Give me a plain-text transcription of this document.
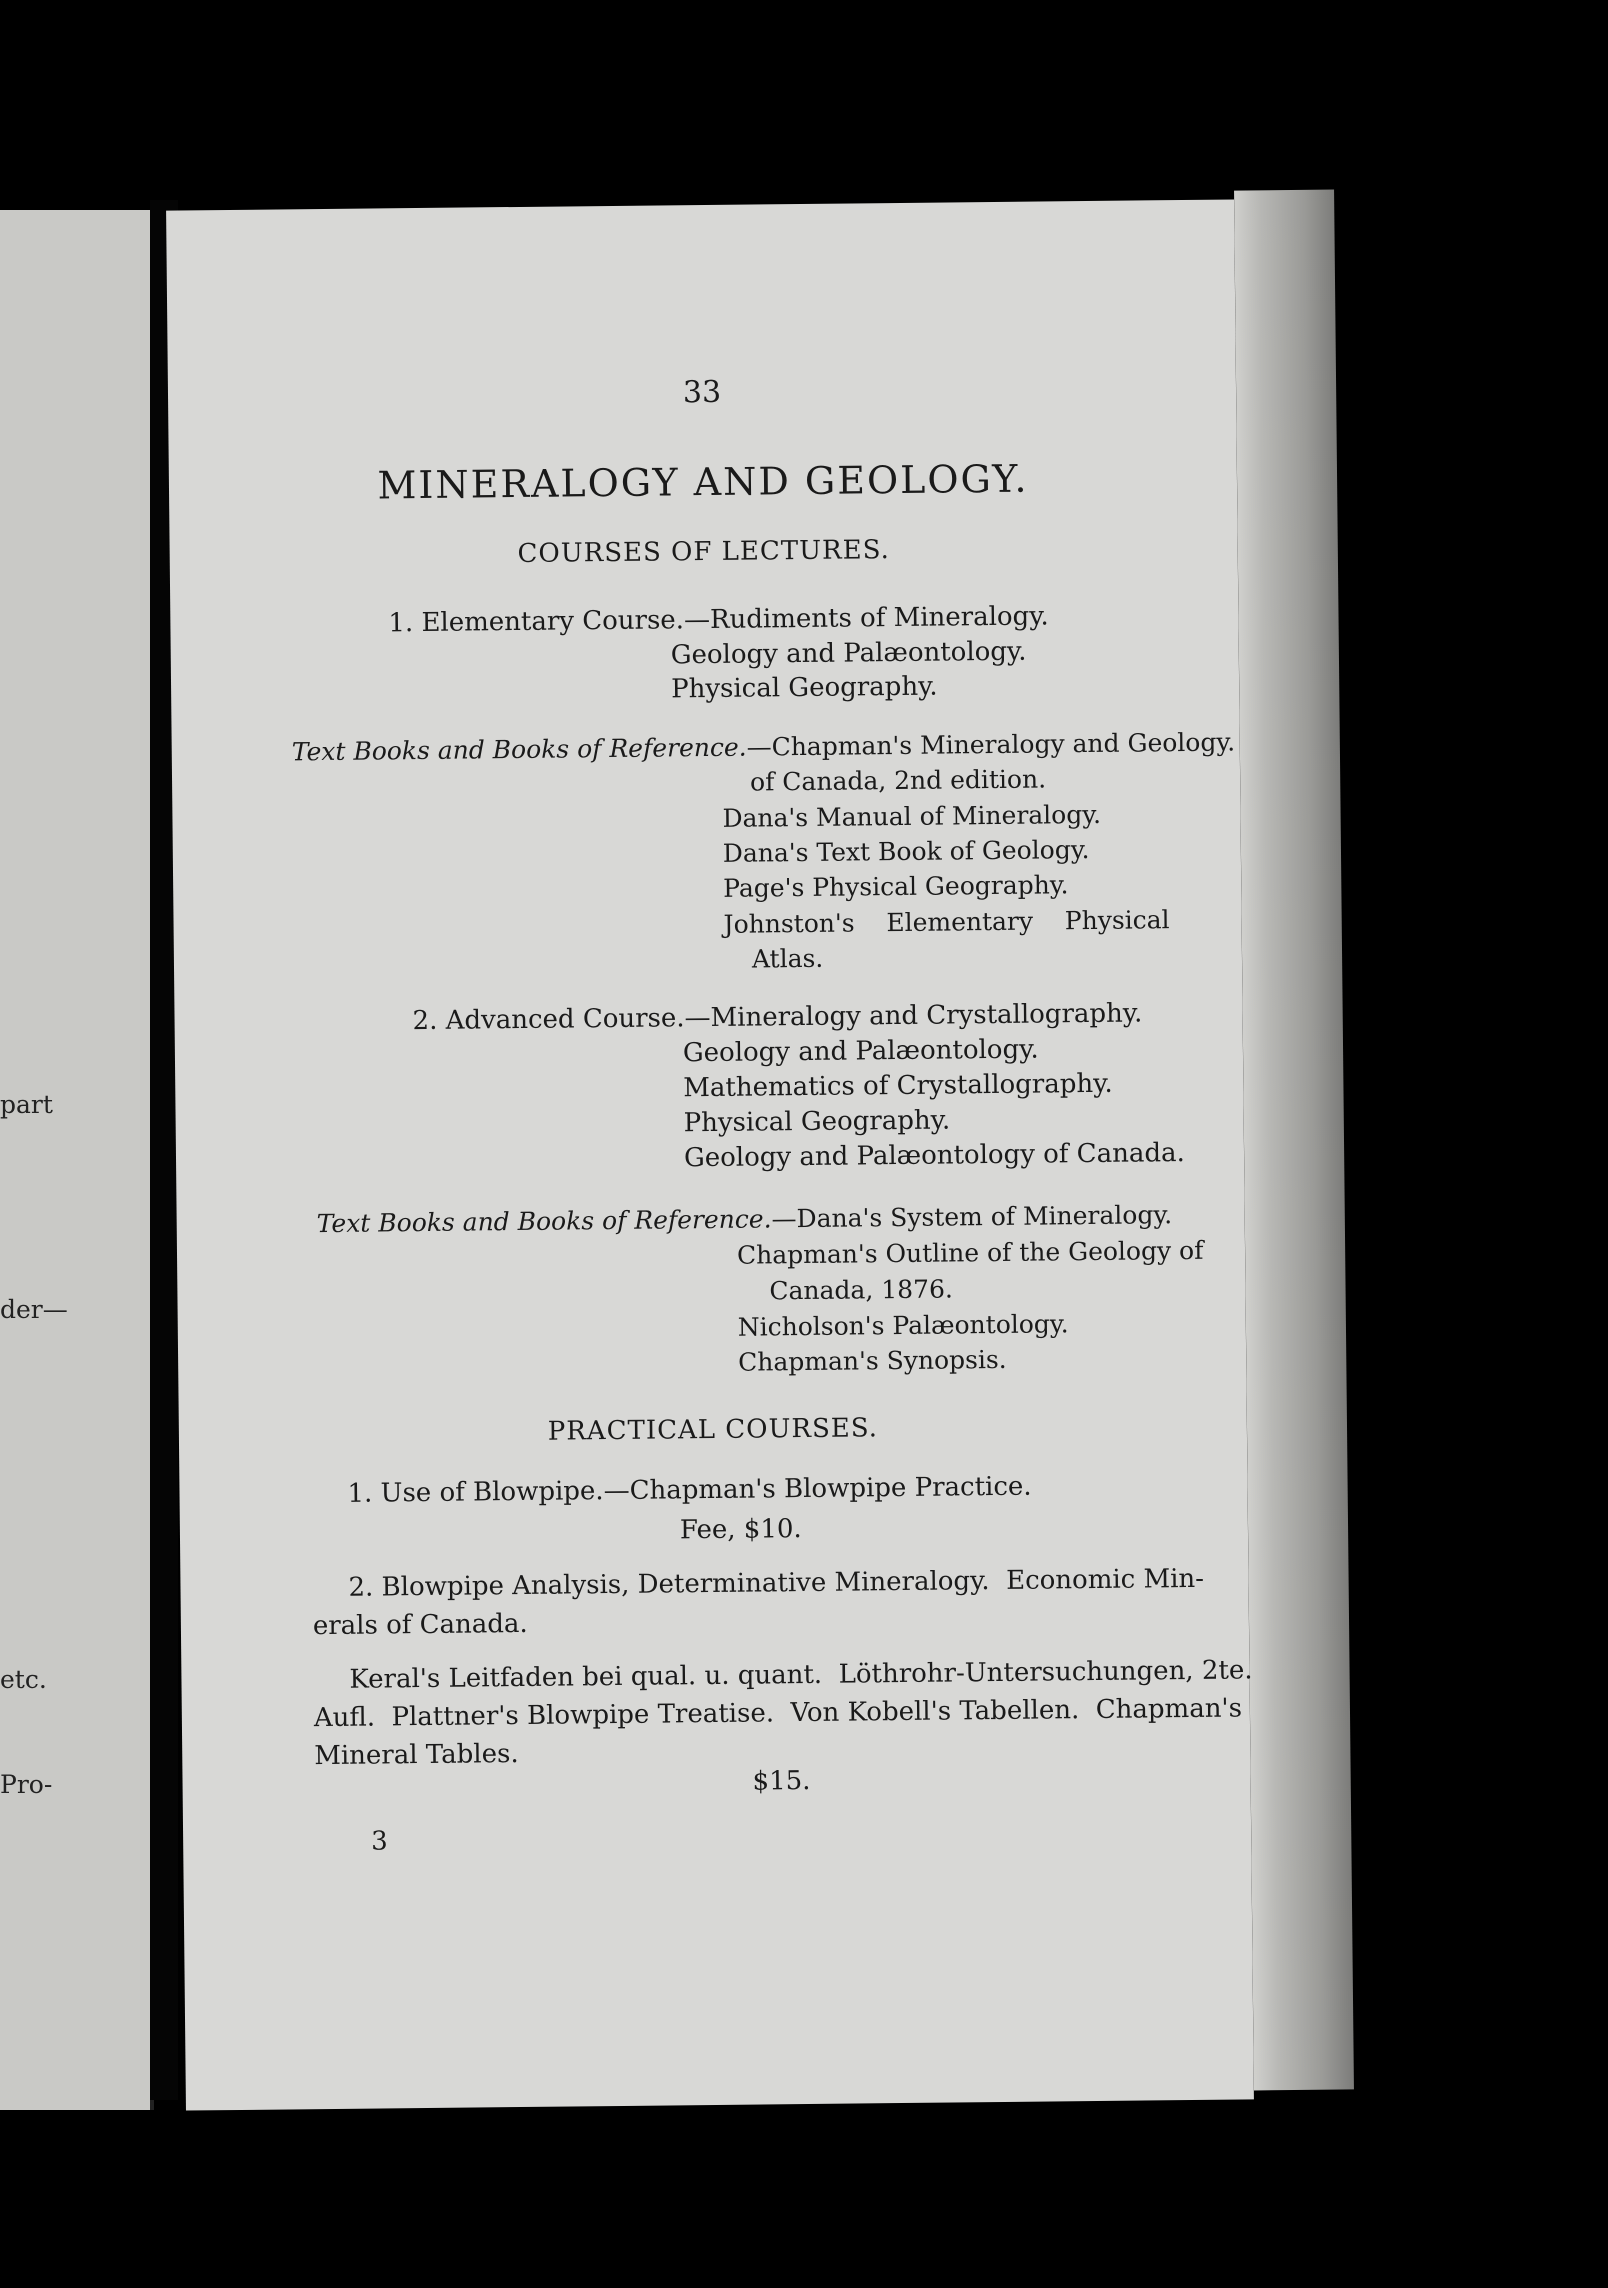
part
der—
etc.
Pro-
33
MINERALOGY AND GEOLOGY.
COURSES OF LECTURES.
1. Elementary Course.—Rudiments of Mineralogy.
Geology and Palæontology.
Physical Geography.
Text Books and Books of Reference.—Chapman's Mineralogy and Geology.
of Canada, 2nd edition.
Dana's Manual of Mineralogy.
Dana's Text Book of Geology.
Page's Physical Geography.
Johnston's    Elementary    Physical
Atlas.
2. Advanced Course.—Mineralogy and Crystallography.
Geology and Palæontology.
Mathematics of Crystallography.
Physical Geography.
Geology and Palæontology of Canada.
Text Books and Books of Reference.—Dana's System of Mineralogy.
Chapman's Outline of the Geology of
Canada, 1876.
Nicholson's Palæontology.
Chapman's Synopsis.
PRACTICAL COURSES.
1. Use of Blowpipe.—Chapman's Blowpipe Practice.
Fee, $10.
2. Blowpipe Analysis, Determinative Mineralogy.  Economic Min-
erals of Canada.
Keral's Leitfaden bei qual. u. quant.  Löthrohr-Untersuchungen, 2te.
Aufl.  Plattner's Blowpipe Treatise.  Von Kobell's Tabellen.  Chapman's
Mineral Tables.
$15.
3
